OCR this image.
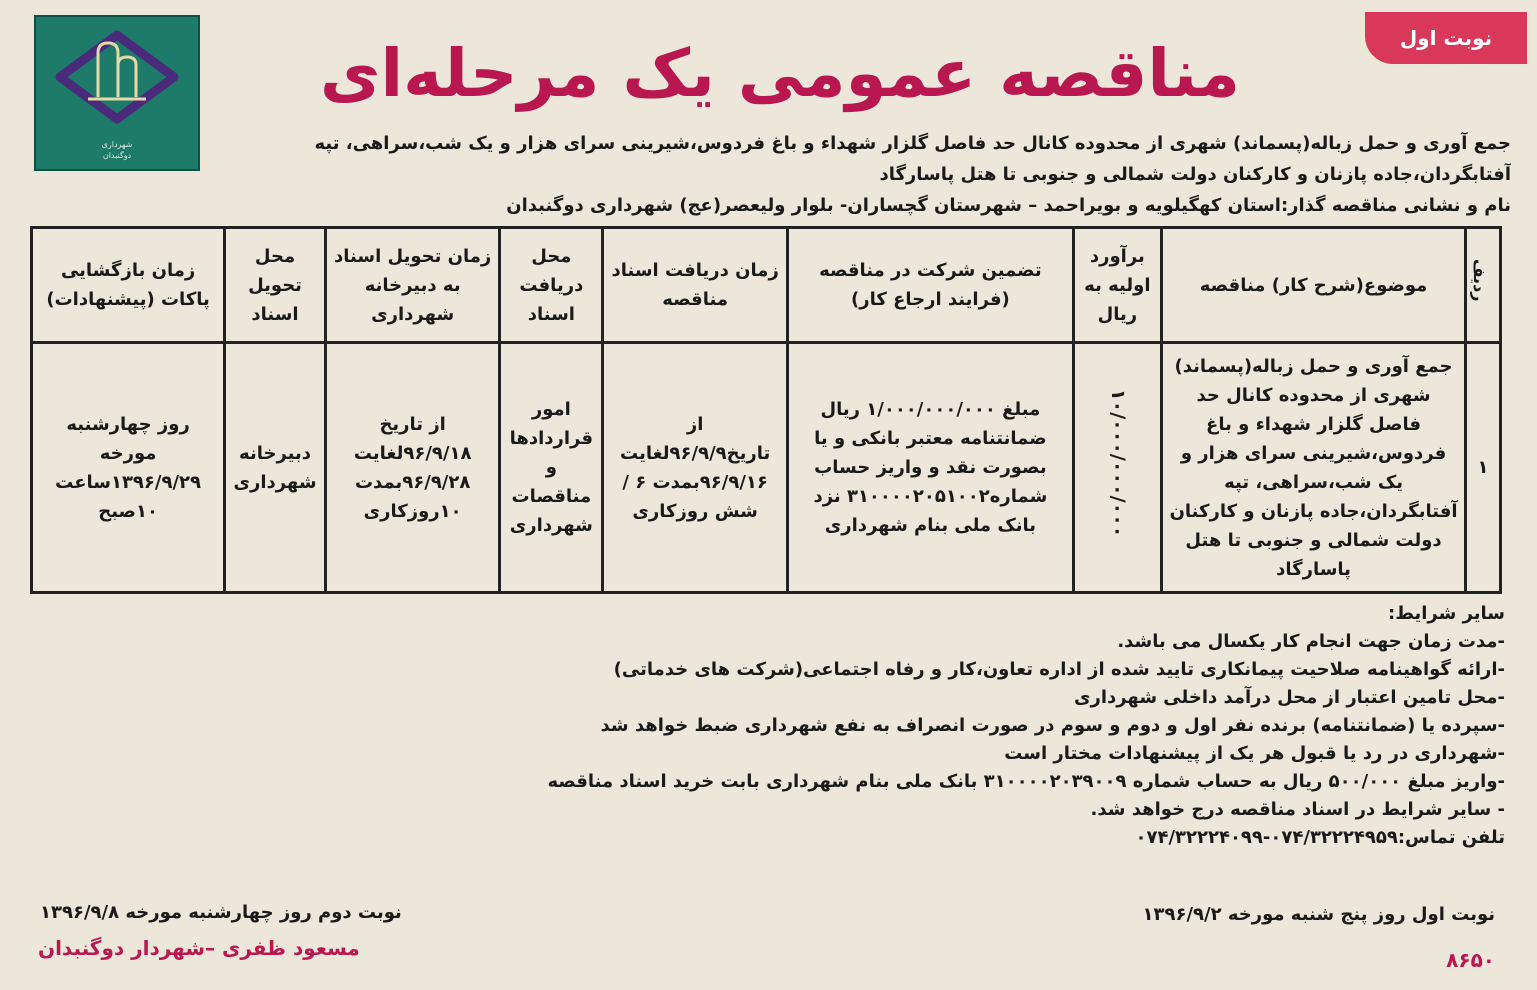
نوبت اول
مناقصه عمومی یک مرحله‌ای
شهرداری
دوگنبدان
جمع آوری و حمل زباله(پسماند) شهری از محدوده کانال حد فاصل گلزار شهداء و باغ فردوس،شیرینی سرای هزار و یک شب،سراهی، تپه
آفتابگردان،جاده پازنان و کارکنان دولت شمالی و جنوبی تا هتل پاسارگاد
نام و نشانی مناقصه گذار:استان کهگیلویه و بویراحمد – شهرستان گچساران- بلوار ولیعصر(عج) شهرداری دوگنبدان
ردیف	موضوع(شرح کار) مناقصه	برآورد اولیه به ریال	تضمین شرکت در مناقصه (فرایند ارجاع کار)	زمان دریافت اسناد مناقصه	محل دریافت اسناد	زمان تحویل اسناد به دبیرخانه شهرداری	محل تحویل اسناد	زمان بازگشایی پاکات (پیشنهادات)
۱	جمع آوری و حمل زباله(پسماند) شهری از محدوده کانال حد فاصل گلزار شهداء و باغ فردوس،شیرینی سرای هزار و یک شب،سراهی، تپه آفتابگردان،جاده پازنان و کارکنان دولت شمالی و جنوبی تا هتل پاسارگاد	۱۰/۰۰۰/۰۰۰/۰۰۰	مبلغ ۱/۰۰۰/۰۰۰/۰۰۰ ریال ضمانتنامه معتبر بانکی و یا بصورت نقد و واریز حساب شماره۳۱۰۰۰۰۲۰۵۱۰۰۲ نزد بانک ملی بنام شهرداری	از تاریخ۹۶/۹/۹لغایت ۹۶/۹/۱۶بمدت ۶ / شش روزکاری	امور قراردادها و مناقصات شهرداری	از تاریخ ۹۶/۹/۱۸لغایت ۹۶/۹/۲۸بمدت ۱۰روزکاری	دبیرخانه شهرداری	روز چهارشنبه مورخه ۱۳۹۶/۹/۲۹ساعت ۱۰صبح
سایر شرایط:
-مدت زمان جهت انجام کار یکسال می باشد.
-ارائه گواهینامه صلاحیت پیمانکاری تایید شده از اداره تعاون،کار و رفاه اجتماعی(شرکت های خدماتی)
-محل تامین اعتبار از محل درآمد داخلی شهرداری
-سپرده یا (ضمانتنامه) برنده نفر اول و دوم و سوم در صورت انصراف به نفع شهرداری ضبط خواهد شد
-شهرداری در رد یا قبول هر یک از پیشنهادات مختار است
-واریز مبلغ ۵۰۰/۰۰۰ ریال به حساب شماره ۳۱۰۰۰۰۲۰۳۹۰۰۹ بانک ملی بنام شهرداری بابت خرید اسناد مناقصه
- سایر شرایط در اسناد مناقصه درج خواهد شد.
تلفن تماس:۰۷۴/۳۲۲۲۴۹۵۹-۰۷۴/۳۲۲۲۴۰۹۹
نوبت اول روز پنج شنبه مورخه ۱۳۹۶/۹/۲
نوبت دوم روز چهارشنبه مورخه ۱۳۹۶/۹/۸
مسعود ظفری –شهردار دوگنبدان	۸۶۵۰
